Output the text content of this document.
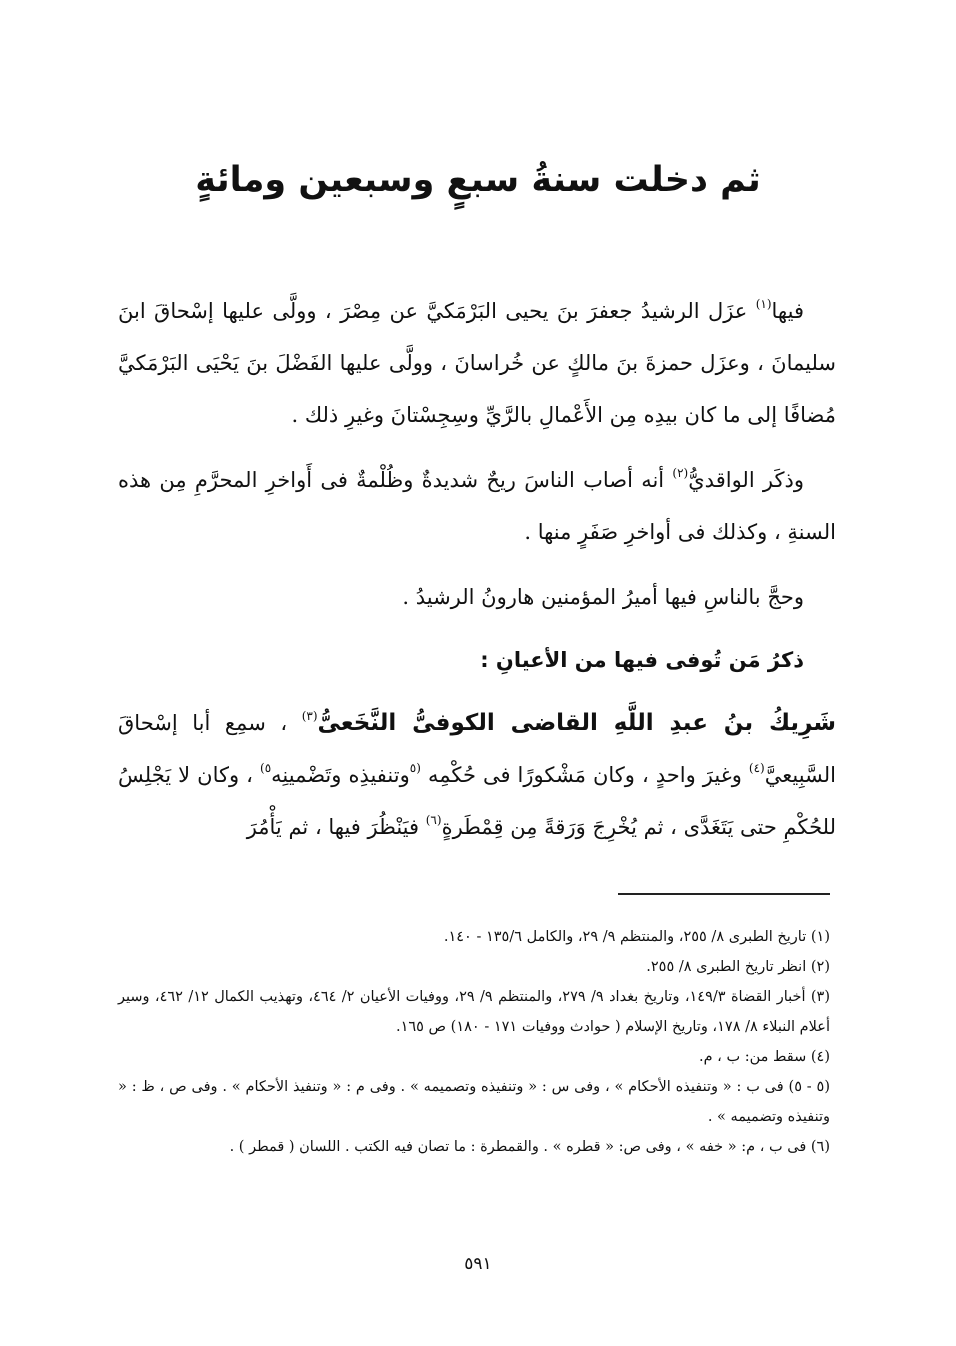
ثم دخلت سنةُ سبعٍ وسبعين ومائةٍ

فيها$^{(١)}$ عزَل الرشيدُ جعفرَ بنَ يحيى البَرْمَكيَّ عن مِصْرَ ، وولَّى عليها إسْحاقَ ابنَ سليمانَ ، وعزَل حمزةَ بنَ مالكٍ عن خُراسانَ ، وولَّى عليها الفَضْلَ بنَ يَحْيَى البَرْمَكيَّ مُضافًا إلى ما كان بيدِه مِن الأَعْمالِ بالرَّيِّ وسِجِسْتانَ وغيرِ ذلك .

وذكَر الواقديُّ$^{(٢)}$ أنه أصاب الناسَ ريحٌ شديدةٌ وظُلْمةٌ فى أَواخرِ المحرَّمِ مِن هذه السنةِ ، وكذلك فى أواخرِ صَفَرٍ منها .

وحجَّ بالناسِ فيها أميرُ المؤمنين هارونُ الرشيدُ .

ذكرُ مَن تُوفى فيها من الأعيانِ :

شَرِيكُ بنُ عبدِ اللَّهِ القاضى الكوفىُّ النَّخَعىُّ$^{(٣)}$ ، سمِع أبا إسْحاقَ السَّبِيعيَّ$^{(٤)}$ وغيرَ واحدٍ ، وكان مَشْكورًا فى حُكْمِه $^{(٥}$وتنفيذِه وتَضْمينِه$^{٥)}$ ، وكان لا يَجْلِسُ للحُكْمِ حتى يَتَغَدَّى ، ثم يُخْرِجَ وَرَقةً مِن قِمْطَرةٍ$^{(٦)}$ فيَنْظُرَ فيها ، ثم يَأْمُرَ

(١) تاريخ الطبرى ٨/ ٢٥٥، والمنتظم ٩/ ٢٩، والكامل ١٣٥/٦ - ١٤٠.

(٢) انظر تاريخ الطبرى ٨/ ٢٥٥.

(٣) أخبار القضاة ١٤٩/٣، وتاريخ بغداد ٩/ ٢٧٩، والمنتظم ٩/ ٢٩، ووفيات الأعيان ٢/ ٤٦٤، وتهذيب الكمال ١٢/ ٤٦٢، وسير أعلام النبلاء ٨/ ١٧٨، وتاريخ الإسلام ( حوادث ووفيات ١٧١ - ١٨٠) ص ١٦٥.

(٤) سقط من: ب ، م.

(٥ - ٥) فى ب : « وتنفيذه الأحكام » ، وفى س : « وتنفيذه وتصميمه » . وفى م : « وتنفيذ الأحكام » . وفى ص ، ظ : « وتنفيذه وتضميمه » .

(٦) فى ب ، م: « خفه » ، وفى ص: « قطره » . والقمطرة : ما تصان فيه الكتب . اللسان ( قمطر ) .

٥٩١
